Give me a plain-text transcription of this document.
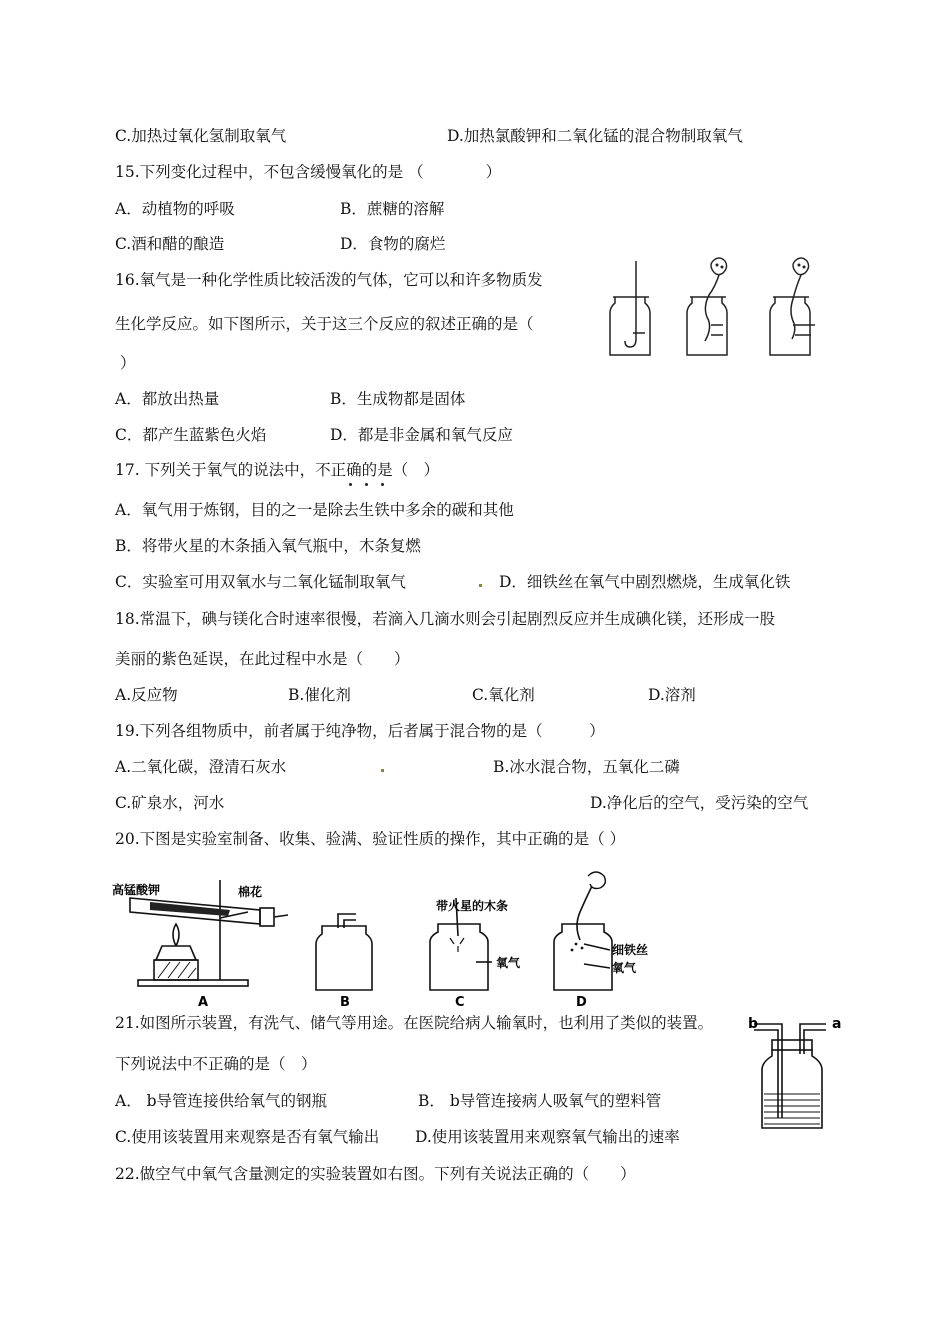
C.加热过氧化氢制取氧气	D.加热氯酸钾和二氧化锰的混合物制取氧气
15.下列变化过程中，不包含缓慢氧化的是 （　　　　）
A．动植物的呼吸	B．蔗糖的溶解
C.酒和醋的酿造	D．食物的腐烂
16.氧气是一种化学性质比较活泼的气体，它可以和许多物质发
生化学反应。如下图所示，关于这三个反应的叙述正确的是（
）
A．都放出热量	B．生成物都是固体
C．都产生蓝紫色火焰	D．都是非金属和氧气反应
17. 下列关于氧气的说法中，不正确的是（　）
A．氧气用于炼钢，目的之一是除去生铁中多余的碳和其他
B．将带火星的木条插入氧气瓶中，木条复燃
C．实验室可用双氧水与二氧化锰制取氧气	D．细铁丝在氧气中剧烈燃烧，生成氧化铁
18.常温下，碘与镁化合时速率很慢，若滴入几滴水则会引起剧烈反应并生成碘化镁，还形成一股
美丽的紫色延误，在此过程中水是（　　）
A.反应物	B.催化剂	C.氧化剂	D.溶剂
19.下列各组物质中，前者属于纯净物，后者属于混合物的是（　　　）
A.二氧化碳，澄清石灰水	B.冰水混合物，五氧化二磷
C.矿泉水，河水	D.净化后的空气，受污染的空气
20.下图是实验室制备、收集、验满、验证性质的操作，其中正确的是（ ）
高锰酸钾	棉花
带火星的木条
氧气
细铁丝
氧气
A	B	C	D
21.如图所示装置，有洗气、储气等用途。在医院给病人输氧时，也利用了类似的装置。
下列说法中不正确的是（　）
A． b导管连接供给氧气的钢瓶	B． b导管连接病人吸氧气的塑料管
C.使用该装置用来观察是否有氧气输出 D.使用该装置用来观察氧气输出的速率
b	a
22.做空气中氧气含量测定的实验装置如右图。下列有关说法正确的（　　）
